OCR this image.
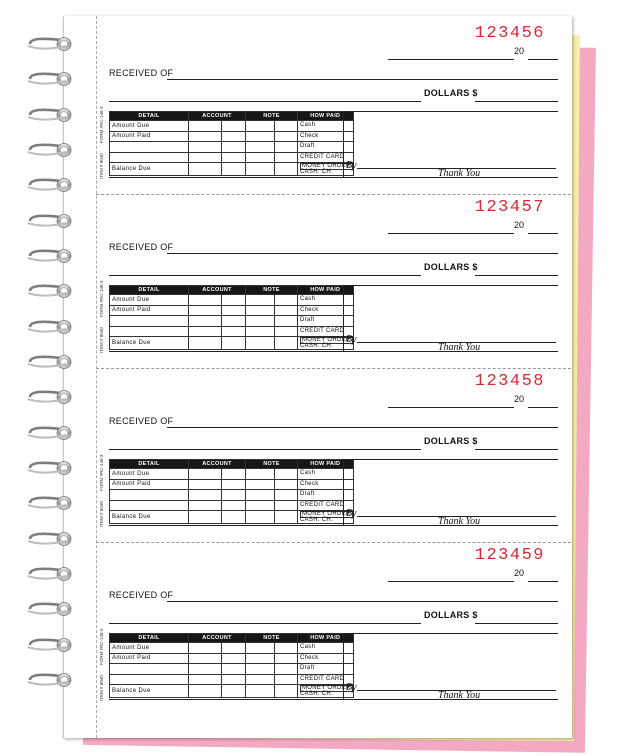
123456
20
RECEIVED OF
DOLLARS $
FORM #RC-148-3
ITEM # 8040
DETAIL	ACCOUNT		NOTE		HOW PAID
Amount Due					Cash
Amount Paid					Check
					Draft
					CREDIT CARD
Balance Due					MONEY ORDER
CASH. CH.
By
Thank You
123457
20
RECEIVED OF
DOLLARS $
FORM #RC-148-3
ITEM # 8040
DETAIL	ACCOUNT		NOTE		HOW PAID
Amount Due					Cash
Amount Paid					Check
					Draft
					CREDIT CARD
Balance Due					MONEY ORDER
CASH. CH.
By
Thank You
123458
20
RECEIVED OF
DOLLARS $
FORM #RC-148-3
ITEM # 8040
DETAIL	ACCOUNT		NOTE		HOW PAID
Amount Due					Cash
Amount Paid					Check
					Draft
					CREDIT CARD
Balance Due					MONEY ORDER
CASH. CH.
By
Thank You
123459
20
RECEIVED OF
DOLLARS $
FORM #RC-148-3
ITEM # 8040
DETAIL	ACCOUNT		NOTE		HOW PAID
Amount Due					Cash
Amount Paid					Check
					Draft
					CREDIT CARD
Balance Due					MONEY ORDER
CASH. CH.
By
Thank You
